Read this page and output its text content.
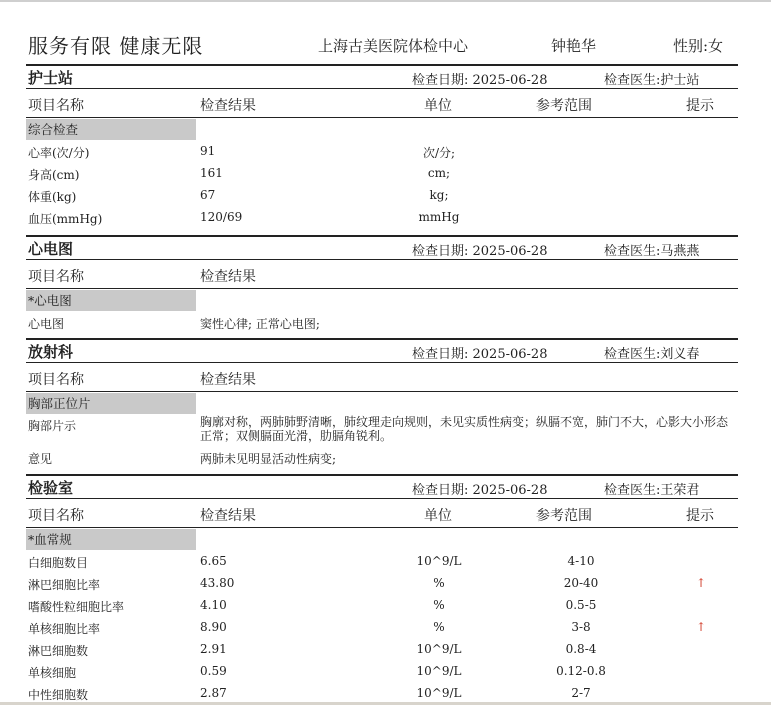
服务有限 健康无限	上海古美医院体检中心	钟艳华	性别:女
护士站	检查日期: 2025-06-28	检查医生:护士站
项目名称	检查结果	单位	参考范围	提示
综合检查
心率(次/分)	91	次/分;
身高(cm)	161	cm;
体重(kg)	67	kg;
血压(mmHg)	120/69	mmHg
心电图	检查日期: 2025-06-28	检查医生:马燕燕
项目名称	检查结果
*心电图
心电图	窦性心律; 正常心电图;
放射科	检查日期: 2025-06-28	检查医生:刘义春
项目名称	检查结果
胸部正位片
胸部片示	胸廓对称，两肺肺野清晰，肺纹理走向规则，未见实质性病变；纵膈不宽，肺门不大，心影大小形态正常；双侧膈面光滑，肋膈角锐利。
意见	两肺未见明显活动性病变;
检验室	检查日期: 2025-06-28	检查医生:王荣君
项目名称	检查结果	单位	参考范围	提示
*血常规
白细胞数目	6.65	10^9/L	4-10
淋巴细胞比率	43.80	%	20-40	↑
嗜酸性粒细胞比率	4.10	%	0.5-5
单核细胞比率	8.90	%	3-8	↑
淋巴细胞数	2.91	10^9/L	0.8-4
单核细胞	0.59	10^9/L	0.12-0.8
中性细胞数	2.87	10^9/L	2-7
